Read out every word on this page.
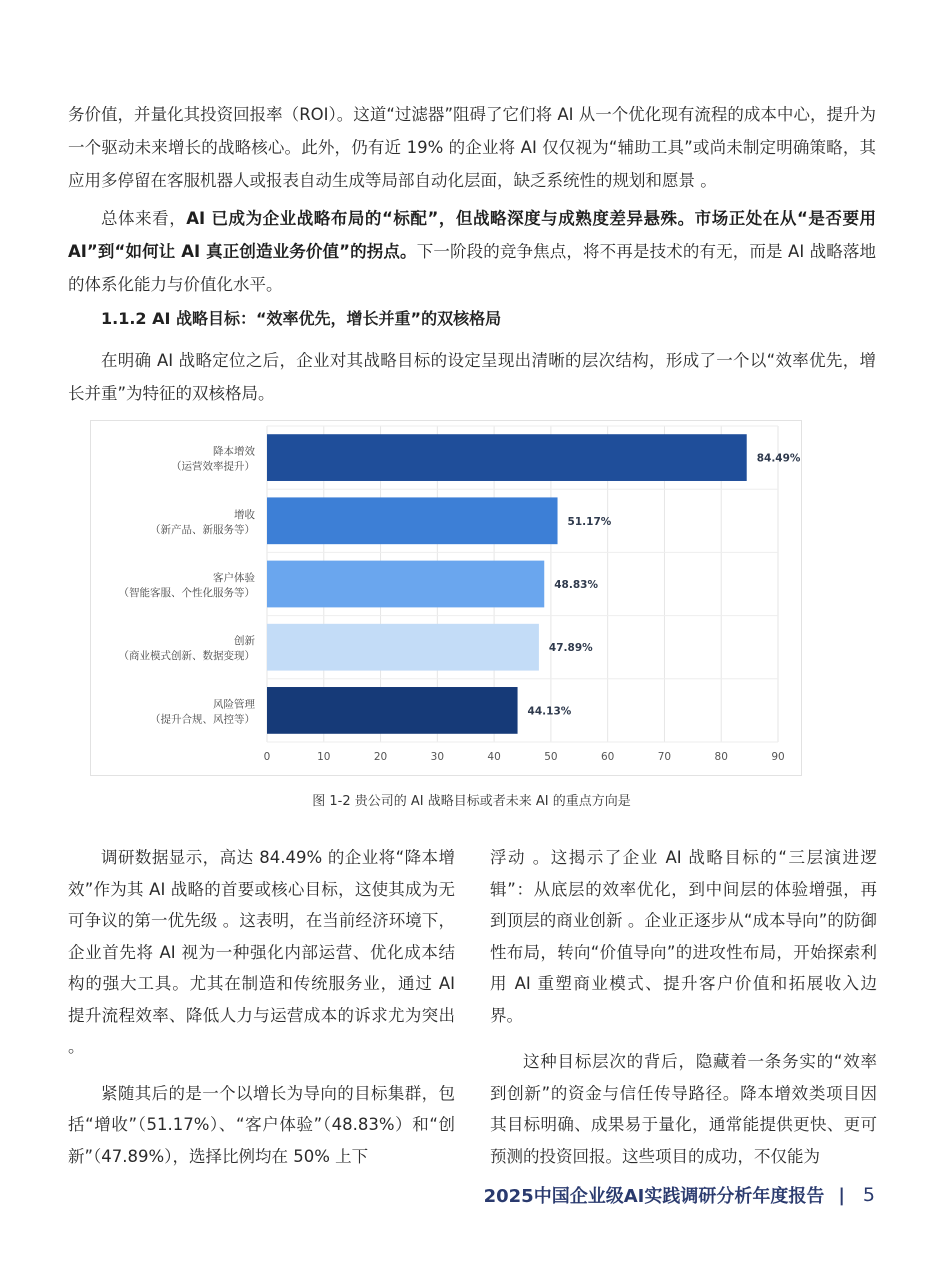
务价值，并量化其投资回报率（ROI）。这道“过滤器”阻碍了它们将 AI 从一个优化现有流程的成本中心，提升为一个驱动未来增长的战略核心。此外，仍有近 19% 的企业将 AI 仅仅视为“辅助工具”或尚未制定明确策略，其应用多停留在客服机器人或报表自动生成等局部自动化层面，缺乏系统性的规划和愿景 。

总体来看，AI 已成为企业战略布局的“标配”，但战略深度与成熟度差异悬殊。市场正处在从“是否要用 AI”到“如何让 AI 真正创造业务价值”的拐点。下一阶段的竞争焦点，将不再是技术的有无，而是 AI 战略落地的体系化能力与价值化水平。

1.1.2 AI 战略目标：“效率优先，增长并重”的双核格局

在明确 AI 战略定位之后，企业对其战略目标的设定呈现出清晰的层次结构，形成了一个以“效率优先，增长并重”为特征的双核格局。

0	10	20	30	40	50	60	70	80	90
降本增效
（运营效率提升）
84.49%
增收
（新产品、新服务等）
51.17%
客户体验
（智能客服、个性化服务等）
48.83%
创新
（商业模式创新、数据变现）
47.89%
风险管理
（提升合规、风控等）
44.13%
图 1-2 贵公司的 AI 战略目标或者未来 AI 的重点方向是

调研数据显示，高达 84.49% 的企业将“降本增效”作为其 AI 战略的首要或核心目标，这使其成为无可争议的第一优先级 。这表明，在当前经济环境下，企业首先将 AI 视为一种强化内部运营、优化成本结构的强大工具。尤其在制造和传统服务业，通过 AI 提升流程效率、降低人力与运营成本的诉求尤为突出 。

紧随其后的是一个以增长为导向的目标集群，包括“增收”（51.17%）、“客户体验”（48.83%）和“创新”（47.89%），选择比例均在 50% 上下

浮动 。这揭示了企业 AI 战略目标的“三层演进逻辑”：从底层的效率优化，到中间层的体验增强，再到顶层的商业创新 。企业正逐步从“成本导向”的防御性布局，转向“价值导向”的进攻性布局，开始探索利用 AI 重塑商业模式、提升客户价值和拓展收入边界。

这种目标层次的背后，隐藏着一条务实的“效率到创新”的资金与信任传导路径。降本增效类项目因其目标明确、成果易于量化，通常能提供更快、更可预测的投资回报。这些项目的成功，不仅能为

2025中国企业级AI实践调研分析年度报告 | 5
